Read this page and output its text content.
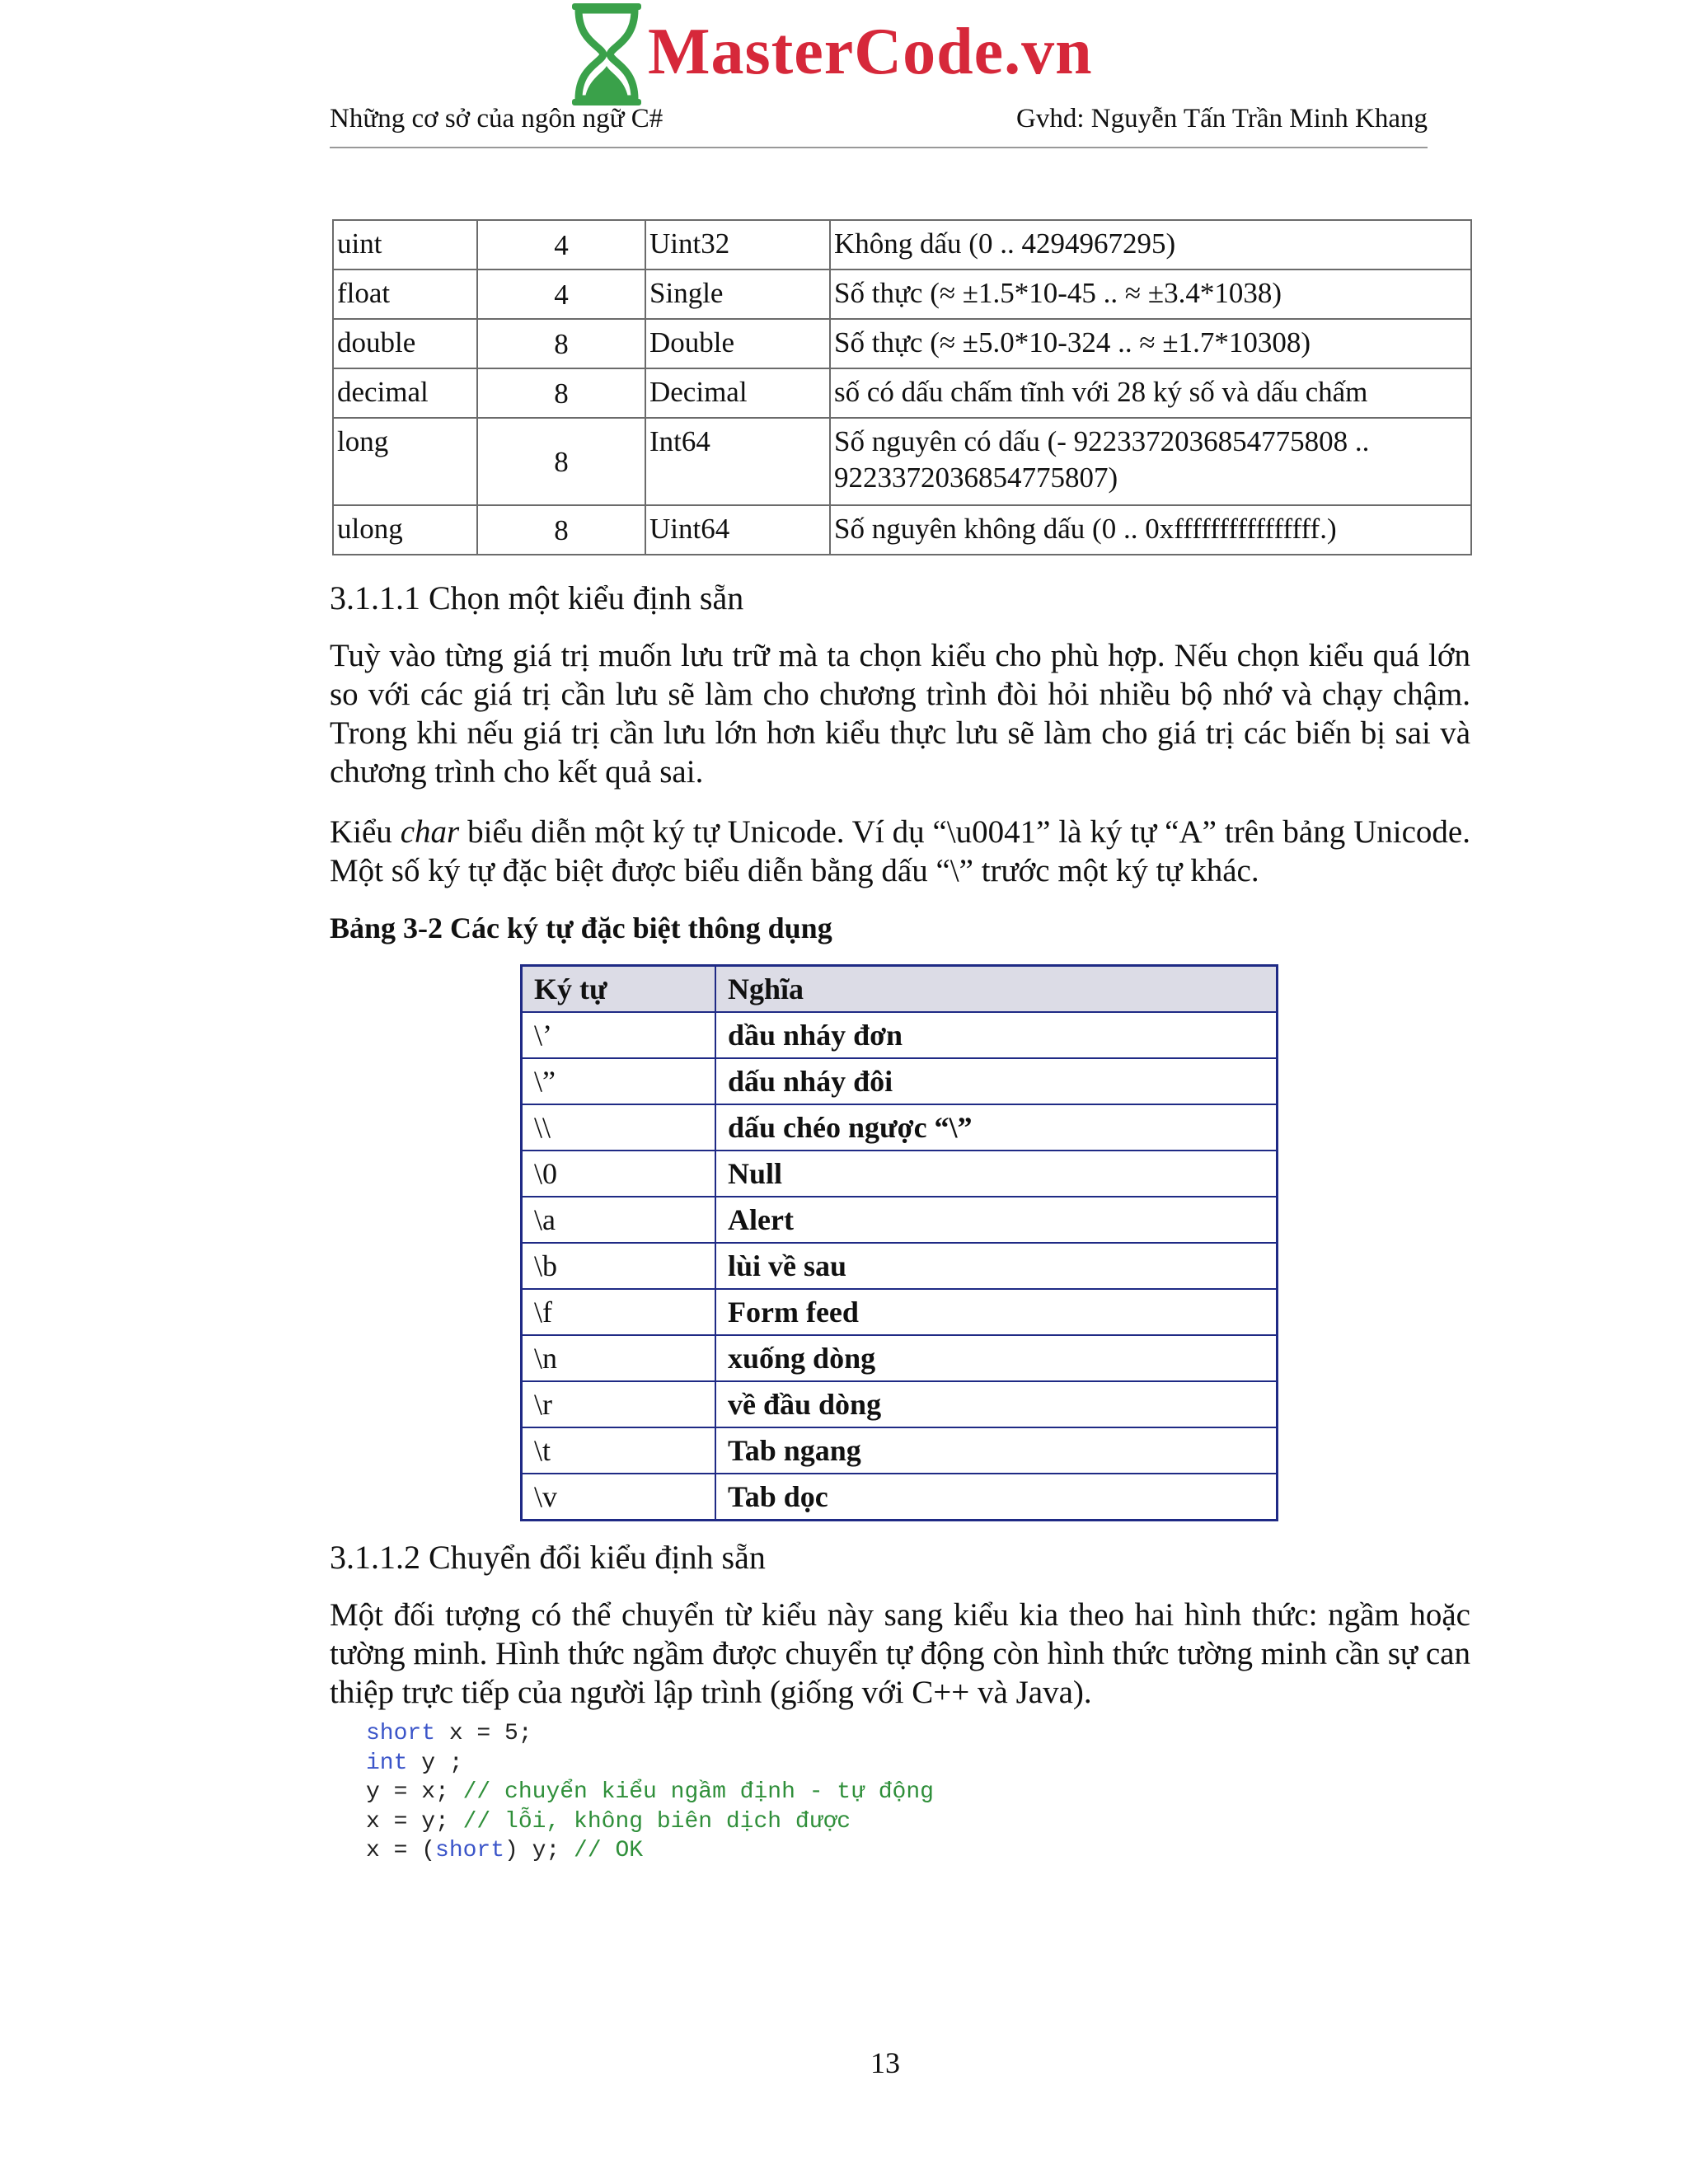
MasterCode.vn
Những cơ sở của ngôn ngữ C#	Gvhd: Nguyễn Tấn Trần Minh Khang
uint	4	Uint32	Không dấu (0 .. 4294967295)
float	4	Single	Số thực (≈ ±1.5*10-45 .. ≈ ±3.4*1038)
double	8	Double	Số thực (≈ ±5.0*10-324 .. ≈ ±1.7*10308)
decimal	8	Decimal	số có dấu chấm tĩnh với 28 ký số và dấu chấm
long	8	Int64	Số nguyên có dấu (- 9223372036854775808 .. 9223372036854775807)
ulong	8	Uint64	Số nguyên không dấu (0 .. 0xffffffffffffffff.)
3.1.1.1 Chọn một kiểu định sẵn
Tuỳ vào từng giá trị muốn lưu trữ mà ta chọn kiểu cho phù hợp. Nếu chọn kiểu quá lớn so với các giá trị cần lưu sẽ làm cho chương trình đòi hỏi nhiều bộ nhớ và chạy chậm. Trong khi nếu giá trị cần lưu lớn hơn kiểu thực lưu sẽ làm cho giá trị các biến bị sai và chương trình cho kết quả sai.
Kiểu char biểu diễn một ký tự Unicode. Ví dụ “\u0041” là ký tự “A” trên bảng Unicode. Một số ký tự đặc biệt được biểu diễn bằng dấu “\” trước một ký tự khác.
Bảng 3-2 Các ký tự đặc biệt thông dụng
Ký tự	Nghĩa
\’	dầu nháy đơn
\”	dấu nháy đôi
\\	dấu chéo ngược “\”
\0	Null
\a	Alert
\b	lùi về sau
\f	Form feed
\n	xuống dòng
\r	về đầu dòng
\t	Tab ngang
\v	Tab dọc
3.1.1.2 Chuyển đổi kiểu định sẵn
Một đối tượng có thể chuyển từ kiểu này sang kiểu kia theo hai hình thức: ngầm hoặc tường minh. Hình thức ngầm được chuyển tự động còn hình thức tường minh cần sự can thiệp trực tiếp của người lập trình (giống với C++ và Java).
short x = 5;
int y ;
y = x; // chuyển kiểu ngầm định - tự động
x = y; // lỗi, không biên dịch được
x = (short) y; // OK
13
